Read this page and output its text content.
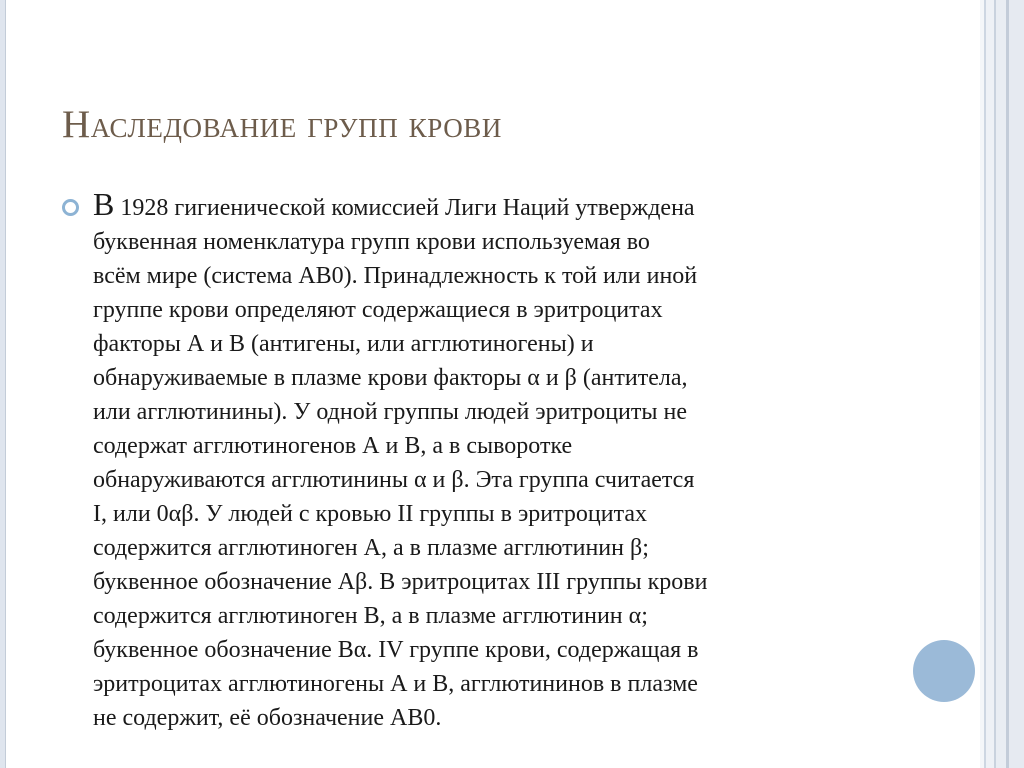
Наследование групп крови

В 1928 гигиенической комиссией Лиги Наций утверждена
буквенная номенклатура групп крови используемая во
всём мире (система AB0). Принадлежность к той или иной
группе крови определяют содержащиеся в эритроцитах
факторы А и В (антигены, или агглютиногены) и
обнаруживаемые в плазме крови факторы α и β (антитела,
или агглютинины). У одной группы людей эритроциты не
содержат агглютиногенов А и В, а в сыворотке
обнаруживаются агглютинины α и β. Эта группа считается
I, или 0αβ. У людей с кровью II группы в эритроцитах
содержится агглютиноген А, а в плазме агглютинин β;
буквенное обозначение Аβ. В эритроцитах III группы крови
содержится агглютиноген В, а в плазме агглютинин α;
буквенное обозначение Вα. IV группе крови, содержащая в
эритроцитах агглютиногены А и В, агглютининов в плазме
не содержит, её обозначение АВ0.
